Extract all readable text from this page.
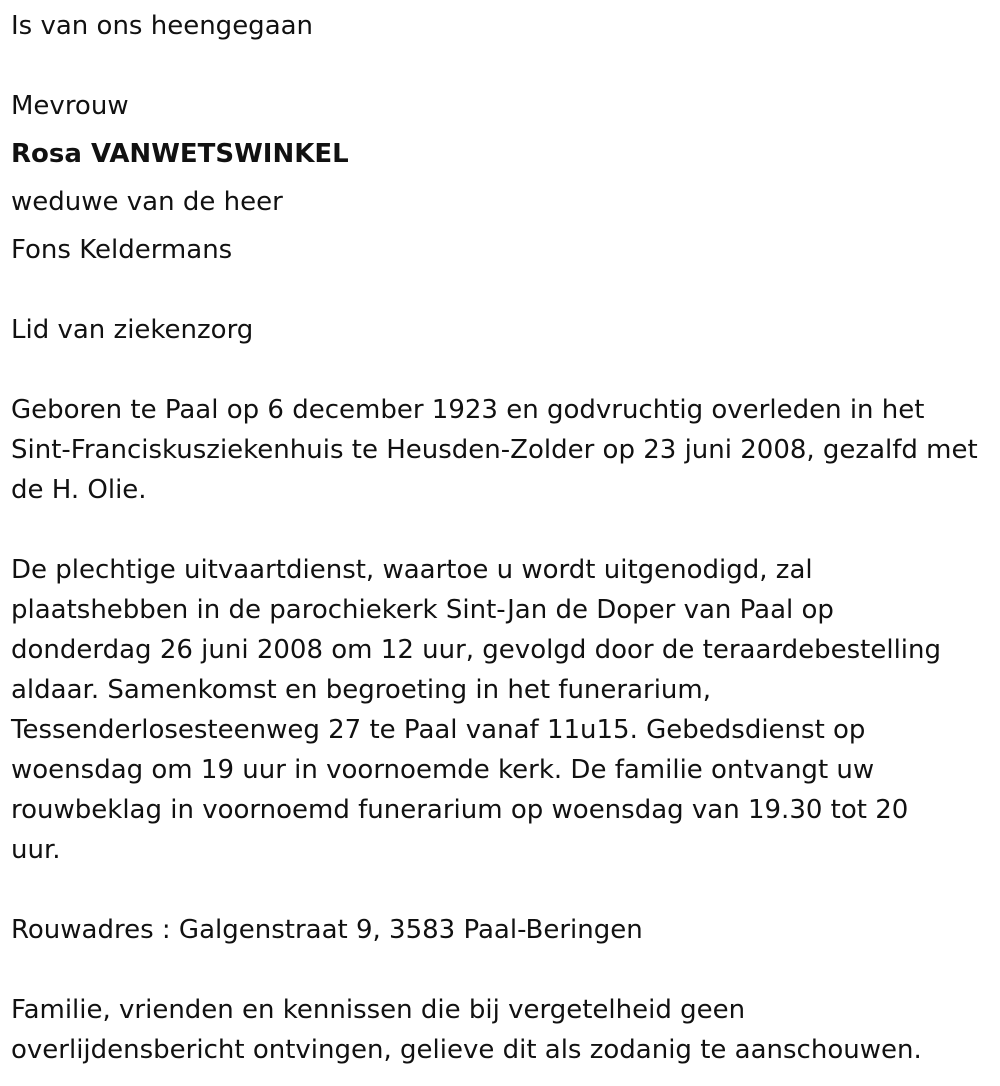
Is van ons heengegaan
Mevrouw
Rosa VANWETSWINKEL
weduwe van de heer
Fons Keldermans
Lid van ziekenzorg
Geboren te Paal op 6 december 1923 en godvruchtig overleden in het
Sint-Franciskusziekenhuis te Heusden-Zolder op 23 juni 2008, gezalfd met
de H. Olie.
De plechtige uitvaartdienst, waartoe u wordt uitgenodigd, zal
plaatshebben in de parochiekerk Sint-Jan de Doper van Paal op
donderdag 26 juni 2008 om 12 uur, gevolgd door de teraardebestelling
aldaar. Samenkomst en begroeting in het funerarium,
Tessenderlosesteenweg 27 te Paal vanaf 11u15. Gebedsdienst op
woensdag om 19 uur in voornoemde kerk. De familie ontvangt uw
rouwbeklag in voornoemd funerarium op woensdag van 19.30 tot 20
uur.
Rouwadres : Galgenstraat 9, 3583 Paal-Beringen
Familie, vrienden en kennissen die bij vergetelheid geen
overlijdensbericht ontvingen, gelieve dit als zodanig te aanschouwen.
